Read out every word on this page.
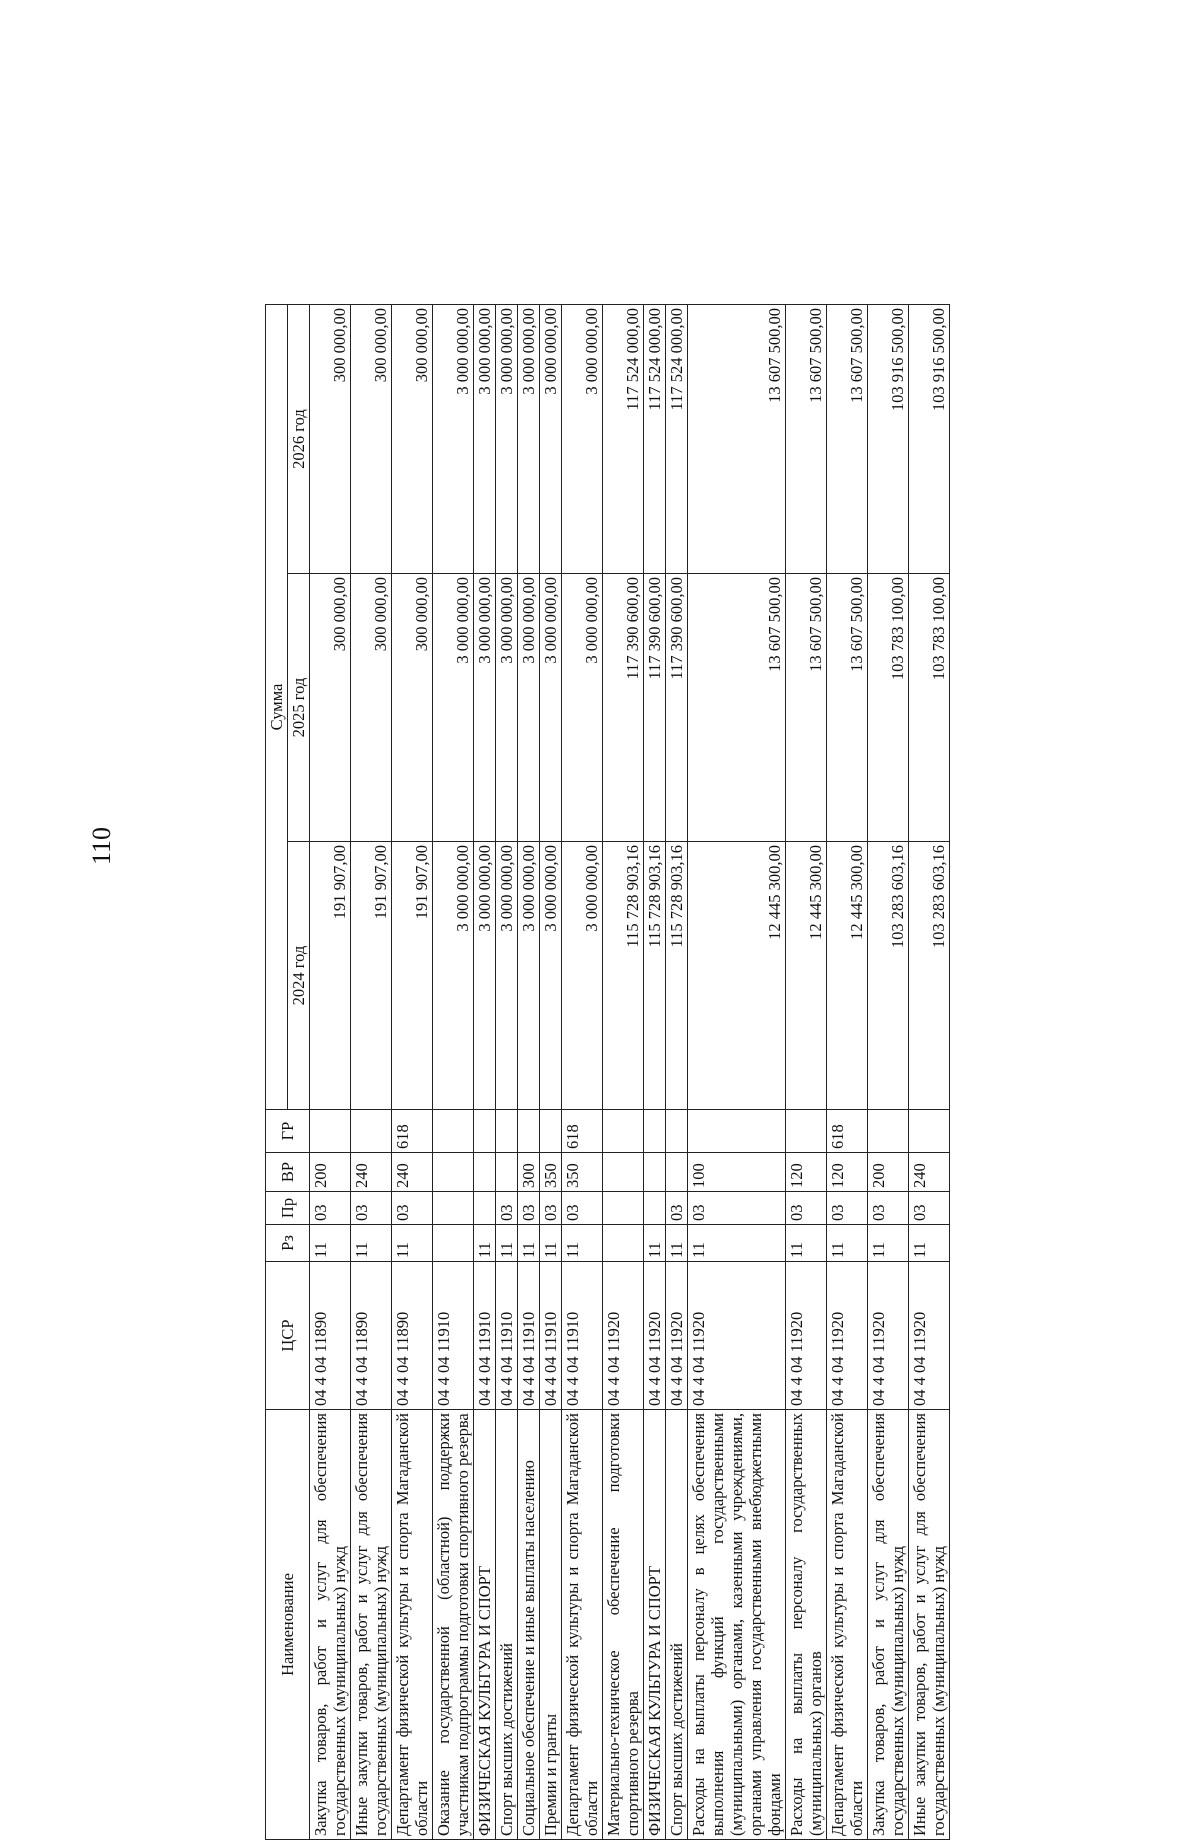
110
Наименование	ЦСР	Рз	Пр	ВР	ГР	Сумма		
						2024 год	2025 год	2026 год
Закупка товаров, работ и услуг для обеспечения государственных (муниципальных) нужд	04 4 04 11890	11	03	200		191 907,00	300 000,00	300 000,00
Иные закупки товаров, работ и услуг для обеспечения государственных (муниципальных) нужд	04 4 04 11890	11	03	240		191 907,00	300 000,00	300 000,00
Департамент физической культуры и спорта Магаданской области	04 4 04 11890	11	03	240	618	191 907,00	300 000,00	300 000,00
Оказание государственной (областной) поддержки участникам подпрограммы подготовки спортивного резерва	04 4 04 11910					3 000 000,00	3 000 000,00	3 000 000,00
ФИЗИЧЕСКАЯ КУЛЬТУРА И СПОРТ	04 4 04 11910	11				3 000 000,00	3 000 000,00	3 000 000,00
Спорт высших достижений	04 4 04 11910	11	03			3 000 000,00	3 000 000,00	3 000 000,00
Социальное обеспечение и иные выплаты населению	04 4 04 11910	11	03	300		3 000 000,00	3 000 000,00	3 000 000,00
Премии и гранты	04 4 04 11910	11	03	350		3 000 000,00	3 000 000,00	3 000 000,00
Департамент физической культуры и спорта Магаданской области	04 4 04 11910	11	03	350	618	3 000 000,00	3 000 000,00	3 000 000,00
Материально-техническое обеспечение подготовки спортивного резерва	04 4 04 11920					115 728 903,16	117 390 600,00	117 524 000,00
ФИЗИЧЕСКАЯ КУЛЬТУРА И СПОРТ	04 4 04 11920	11				115 728 903,16	117 390 600,00	117 524 000,00
Спорт высших достижений	04 4 04 11920	11	03			115 728 903,16	117 390 600,00	117 524 000,00
Расходы на выплаты персоналу в целях обеспечения выполнения функций государственными (муниципальными) органами, казенными учреждениями, органами управления государственными внебюджетными фондами	04 4 04 11920	11	03	100		12 445 300,00	13 607 500,00	13 607 500,00
Расходы на выплаты персоналу государственных (муниципальных) органов	04 4 04 11920	11	03	120		12 445 300,00	13 607 500,00	13 607 500,00
Департамент физической культуры и спорта Магаданской области	04 4 04 11920	11	03	120	618	12 445 300,00	13 607 500,00	13 607 500,00
Закупка товаров, работ и услуг для обеспечения государственных (муниципальных) нужд	04 4 04 11920	11	03	200		103 283 603,16	103 783 100,00	103 916 500,00
Иные закупки товаров, работ и услуг для обеспечения государственных (муниципальных) нужд	04 4 04 11920	11	03	240		103 283 603,16	103 783 100,00	103 916 500,00
